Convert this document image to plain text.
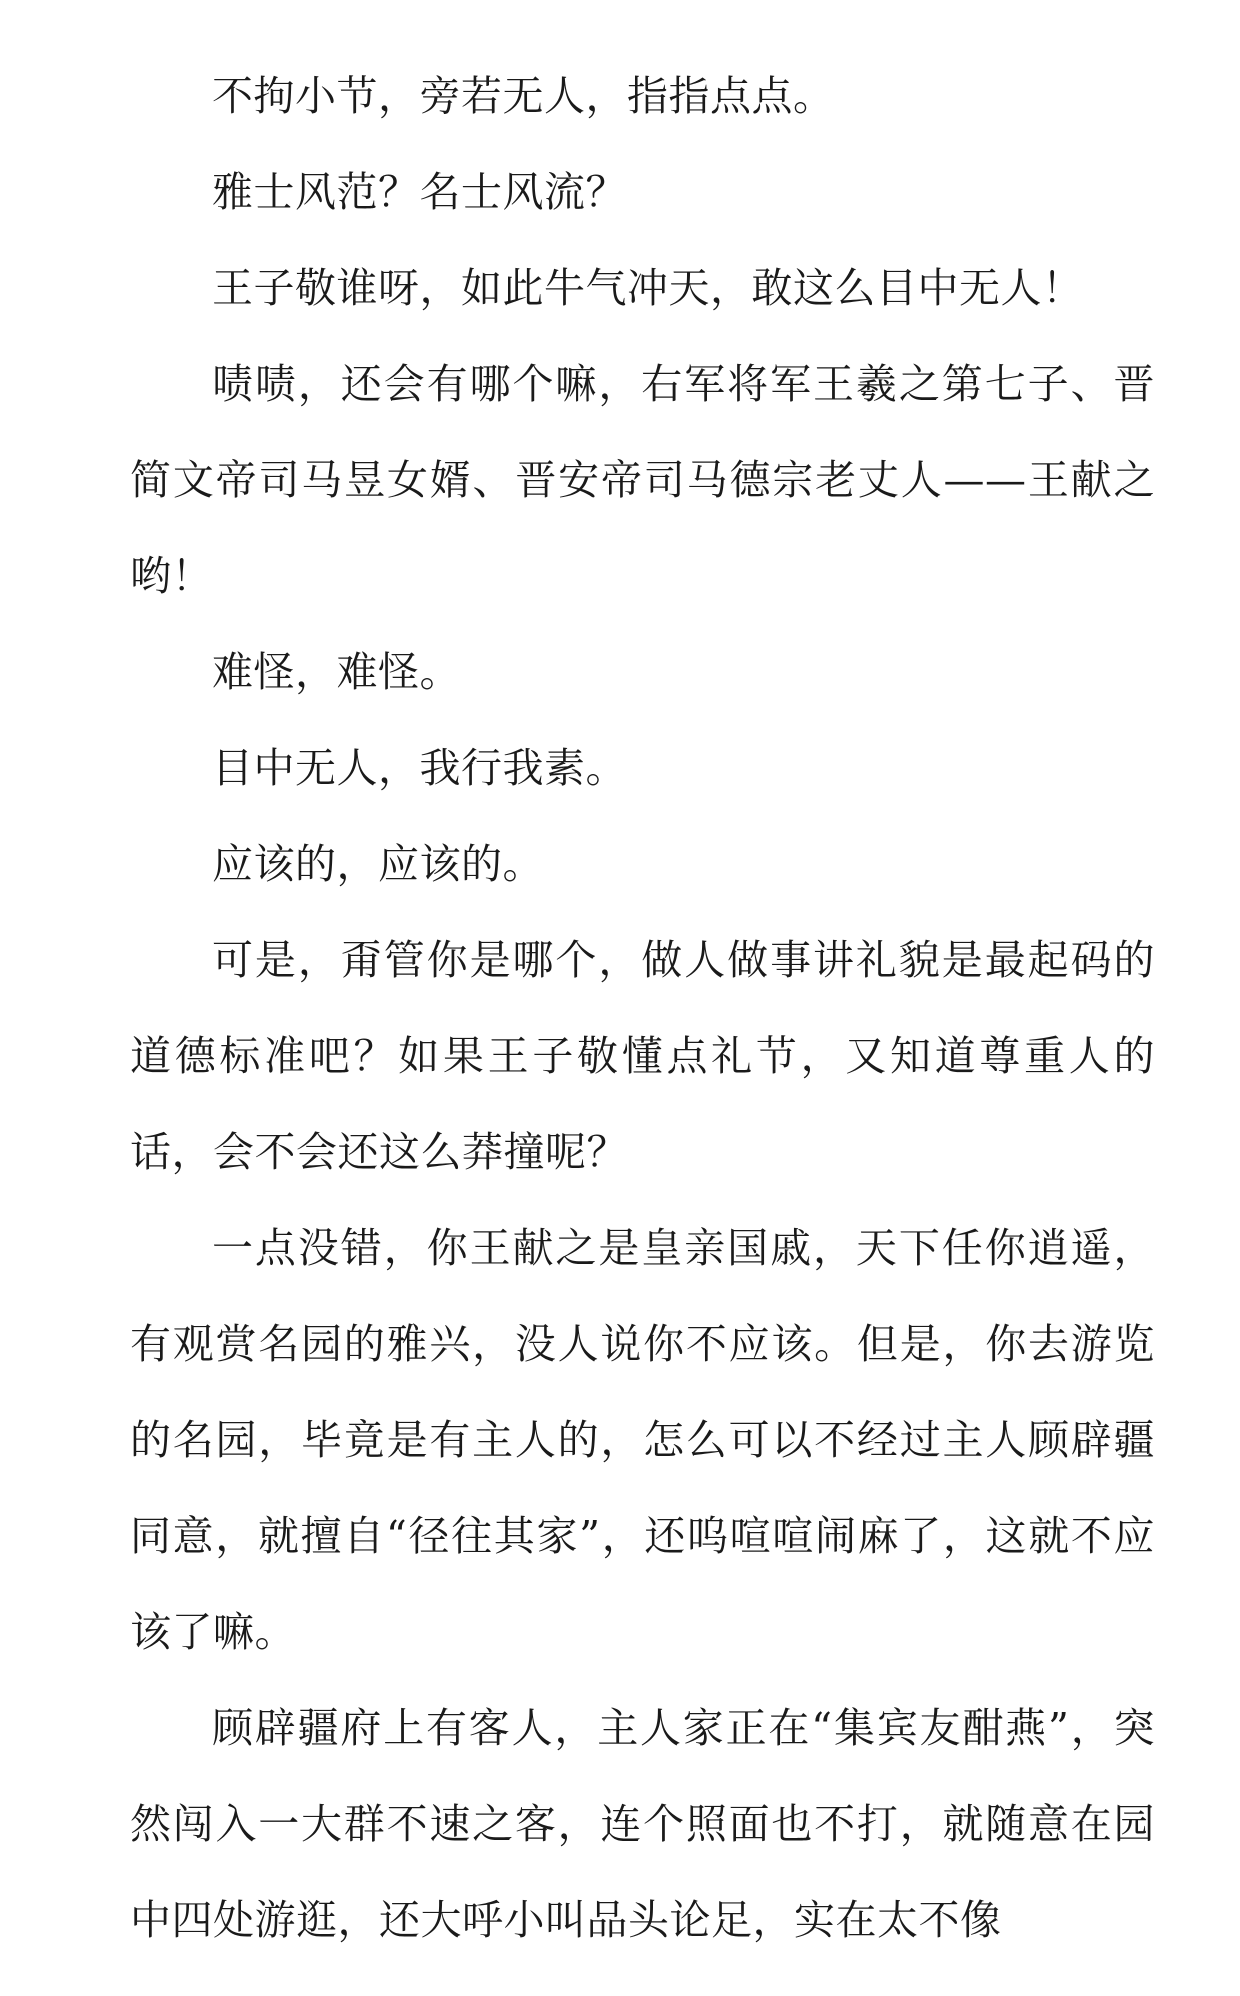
不拘小节，旁若无人，指指点点。

雅士风范？名士风流？

王子敬谁呀，如此牛气冲天，敢这么目中无人！

啧啧，还会有哪个嘛，右军将军王羲之第七子、晋简文帝司马昱女婿、晋安帝司马德宗老丈人——王献之哟！

难怪，难怪。

目中无人，我行我素。

应该的，应该的。

可是，甭管你是哪个，做人做事讲礼貌是最起码的道德标准吧？如果王子敬懂点礼节，又知道尊重人的话，会不会还这么莽撞呢？

一点没错，你王献之是皇亲国戚，天下任你逍遥，有观赏名园的雅兴，没人说你不应该。但是，你去游览的名园，毕竟是有主人的，怎么可以不经过主人顾辟疆同意，就擅自“径往其家”，还呜喧喧闹麻了，这就不应该了嘛。

顾辟疆府上有客人，主人家正在“集宾友酣燕”，突然闯入一大群不速之客，连个照面也不打，就随意在园中四处游逛，还大呼小叫品头论足，实在太不像
